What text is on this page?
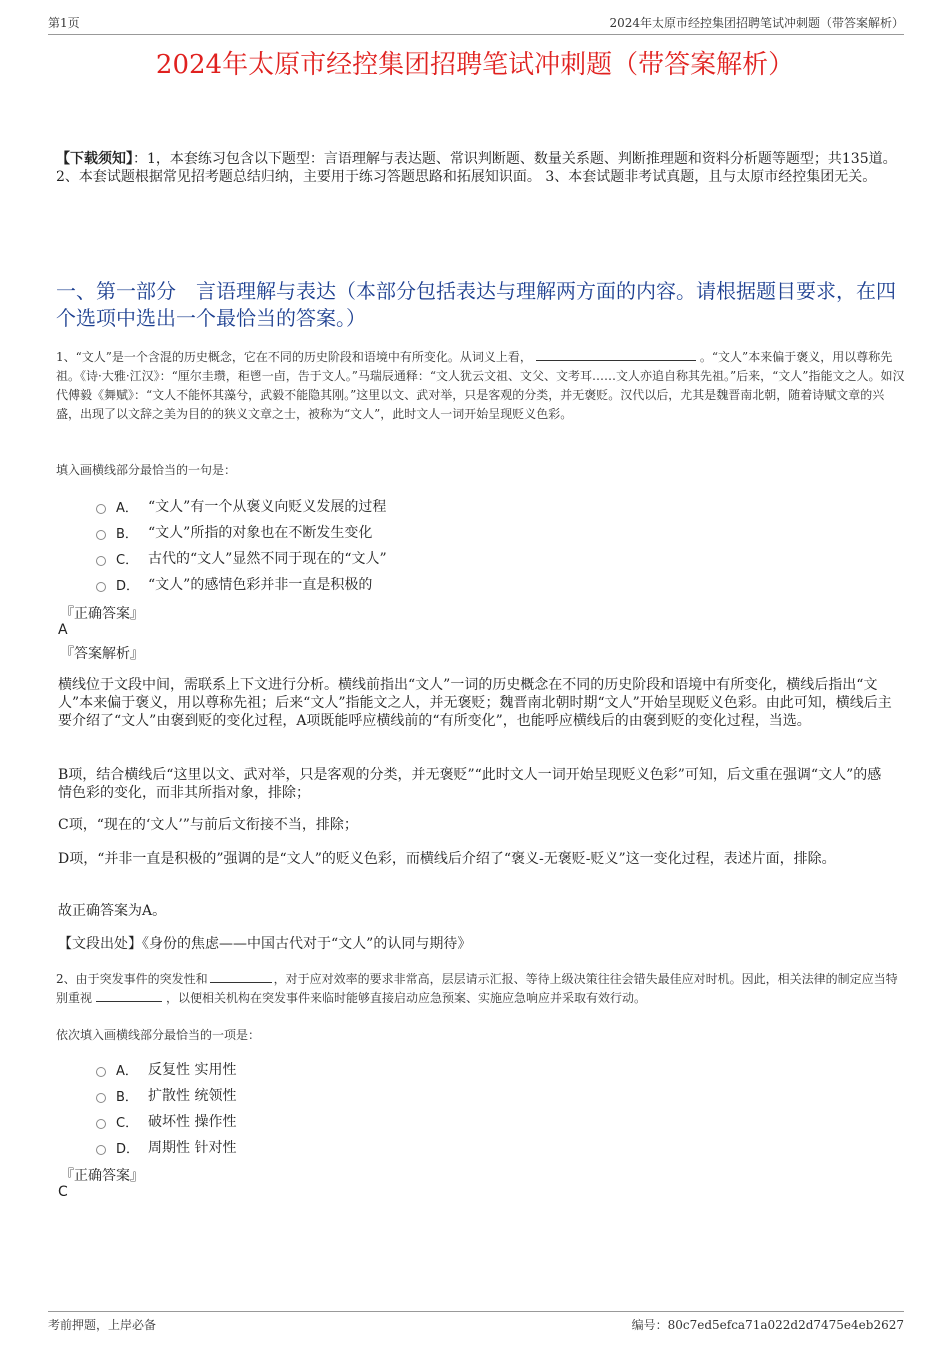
第1页	2024年太原市经控集团招聘笔试冲刺题（带答案解析）
2024年太原市经控集团招聘笔试冲刺题（带答案解析）
【下载须知】：1，本套练习包含以下题型：言语理解与表达题、常识判断题、数量关系题、判断推理题和资料分析题等题型；共135道。 2、本套试题根据常见招考题总结归纳，主要用于练习答题思路和拓展知识面。 3、本套试题非考试真题，且与太原市经控集团无关。
一、第一部分　言语理解与表达（本部分包括表达与理解两方面的内容。请根据题目要求，在四个选项中选出一个最恰当的答案。）
1、“文人”是一个含混的历史概念，它在不同的历史阶段和语境中有所变化。从词义上看，	。“文人”本来偏于褒义，用以尊称先祖。《诗·大雅·江汉》：“厘尔圭瓒，秬鬯一卣，告于文人。”马瑞辰通释：“文人犹云文祖、文父、文考耳……文人亦追自称其先祖。”后来，“文人”指能文之人。如汉代傅毅《舞赋》：“文人不能怀其藻兮，武毅不能隐其刚。”这里以文、武对举，只是客观的分类，并无褒贬。汉代以后，尤其是魏晋南北朝，随着诗赋文章的兴盛，出现了以文辞之美为目的的狭义文章之士，被称为“文人”，此时文人一词开始呈现贬义色彩。
填入画横线部分最恰当的一句是：
A． “文人”有一个从褒义向贬义发展的过程
B． “文人”所指的对象也在不断发生变化
C． 古代的“文人”显然不同于现在的“文人”
D． “文人”的感情色彩并非一直是积极的
『正确答案』
A
『答案解析』
横线位于文段中间，需联系上下文进行分析。横线前指出“文人”一词的历史概念在不同的历史阶段和语境中有所变化，横线后指出“文人”本来偏于褒义，用以尊称先祖；后来“文人”指能文之人，并无褒贬；魏晋南北朝时期“文人”开始呈现贬义色彩。由此可知，横线后主要介绍了“文人”由褒到贬的变化过程，A项既能呼应横线前的“有所变化”，也能呼应横线后的由褒到贬的变化过程，当选。
B项，结合横线后“这里以文、武对举，只是客观的分类，并无褒贬”“此时文人一词开始呈现贬义色彩”可知，后文重在强调“文人”的感情色彩的变化，而非其所指对象，排除；
C项，“现在的‘文人’”与前后文衔接不当，排除；
D项，“并非一直是积极的”强调的是“文人”的贬义色彩，而横线后介绍了“褒义-无褒贬-贬义”这一变化过程，表述片面，排除。
故正确答案为A。
【文段出处】《身份的焦虑——中国古代对于“文人”的认同与期待》
2、由于突发事件的突发性和	，对于应对效率的要求非常高，层层请示汇报、等待上级决策往往会错失最佳应对时机。因此，相关法律的制定应当特别重视	，以便相关机构在突发事件来临时能够直接启动应急预案、实施应急响应并采取有效行动。
依次填入画横线部分最恰当的一项是：
A． 反复性 实用性
B． 扩散性 统领性
C． 破坏性 操作性
D． 周期性 针对性
『正确答案』
C
考前押题，上岸必备	编号：80c7ed5efca71a022d2d7475e4eb2627
